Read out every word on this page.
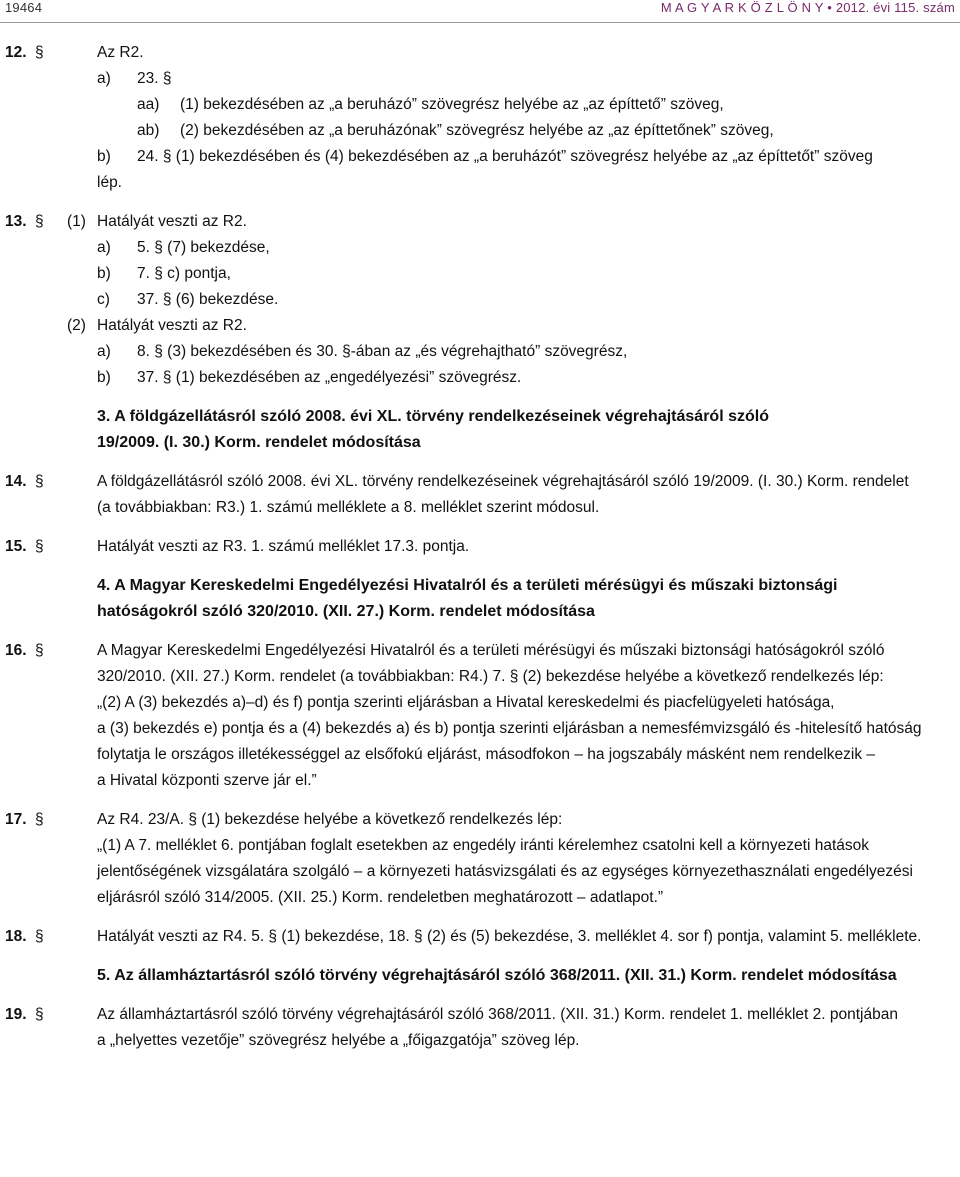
19464	M A G Y A R K Ö Z L Ö N Y • 2012. évi 115. szám
12. §	Az R2.
a) 23. §
aa) (1) bekezdésében az „a beruházó” szövegrész helyébe az „az építtető” szöveg,
ab) (2) bekezdésében az „a beruházónak” szövegrész helyébe az „az építtetőnek” szöveg,
b) 24. § (1) bekezdésében és (4) bekezdésében az „a beruházót” szövegrész helyébe az „az építtetőt” szöveg
lép.
13. § (1) Hatályát veszti az R2.
a) 5. § (7) bekezdése,
b) 7. § c) pontja,
c) 37. § (6) bekezdése.
(2) Hatályát veszti az R2.
a) 8. § (3) bekezdésében és 30. §-ában az „és végrehajtható” szövegrész,
b) 37. § (1) bekezdésében az „engedélyezési” szövegrész.
3. A földgázellátásról szóló 2008. évi XL. törvény rendelkezéseinek végrehajtásáról szóló
19/2009. (I. 30.) Korm. rendelet módosítása
14. §	A földgázellátásról szóló 2008. évi XL. törvény rendelkezéseinek végrehajtásáról szóló 19/2009. (I. 30.) Korm. rendelet
(a továbbiakban: R3.) 1. számú melléklete a 8. melléklet szerint módosul.
15. §	Hatályát veszti az R3. 1. számú melléklet 17.3. pontja.
4. A Magyar Kereskedelmi Engedélyezési Hivatalról és a területi mérésügyi és műszaki biztonsági
hatóságokról szóló 320/2010. (XII. 27.) Korm. rendelet módosítása
16. §	A Magyar Kereskedelmi Engedélyezési Hivatalról és a területi mérésügyi és műszaki biztonsági hatóságokról szóló
320/2010. (XII. 27.) Korm. rendelet (a továbbiakban: R4.) 7. § (2) bekezdése helyébe a következő rendelkezés lép:
„(2) A (3) bekezdés a)–d) és f) pontja szerinti eljárásban a Hivatal kereskedelmi és piacfelügyeleti hatósága,
a (3) bekezdés e) pontja és a (4) bekezdés a) és b) pontja szerinti eljárásban a nemesfémvizsgáló és -hitelesítő hatóság
folytatja le országos illetékességgel az elsőfokú eljárást, másodfokon – ha jogszabály másként nem rendelkezik –
a Hivatal központi szerve jár el.”
17. §	Az R4. 23/A. § (1) bekezdése helyébe a következő rendelkezés lép:
„(1) A 7. melléklet 6. pontjában foglalt esetekben az engedély iránti kérelemhez csatolni kell a környezeti hatások
jelentőségének vizsgálatára szolgáló – a környezeti hatásvizsgálati és az egységes környezethasználati engedélyezési
eljárásról szóló 314/2005. (XII. 25.) Korm. rendeletben meghatározott – adatlapot.”
18. §	Hatályát veszti az R4. 5. § (1) bekezdése, 18. § (2) és (5) bekezdése, 3. melléklet 4. sor f) pontja, valamint 5. melléklete.
5. Az államháztartásról szóló törvény végrehajtásáról szóló 368/2011. (XII. 31.) Korm. rendelet módosítása
19. §	Az államháztartásról szóló törvény végrehajtásáról szóló 368/2011. (XII. 31.) Korm. rendelet 1. melléklet 2. pontjában
a „helyettes vezetője” szövegrész helyébe a „főigazgatója” szöveg lép.
